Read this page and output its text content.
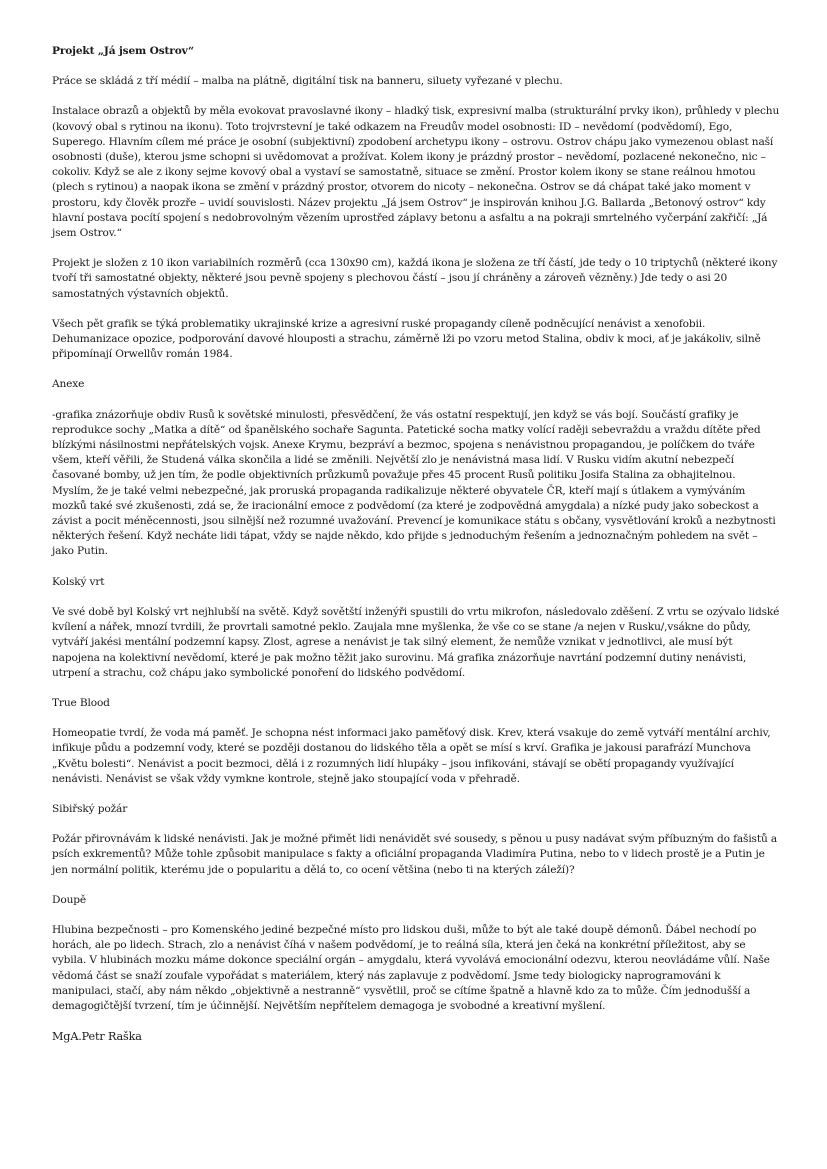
Projekt „Já jsem Ostrov“

Práce se skládá z tří médií – malba na plátně, digitální tisk na banneru, siluety vyřezané v plechu.

Instalace obrazů a objektů by měla evokovat pravoslavné ikony – hladký tisk, expresivní malba (strukturální prvky ikon), průhledy v plechu (kovový obal s rytinou na ikonu). Toto trojvrstevní je také odkazem na Freudův model osobnosti: ID – nevědomí (podvědomí), Ego, Superego. Hlavním cílem mé práce je osobní (subjektivní) zpodobení archetypu ikony – ostrovu. Ostrov chápu jako vymezenou oblast naší osobnosti (duše), kterou jsme schopni si uvědomovat a prožívat. Kolem ikony je prázdný prostor – nevědomí, pozlacené nekonečno, nic – cokoliv. Když se ale z ikony sejme kovový obal a vystaví se samostatně, situace se změní. Prostor kolem ikony se stane reálnou hmotou (plech s rytinou) a naopak ikona se změní v prázdný prostor, otvorem do nicoty – nekonečna. Ostrov se dá chápat také jako moment v prostoru, kdy člověk prozře – uvidí souvislosti. Název projektu „Já jsem Ostrov“ je inspirován knihou J.G. Ballarda „Betonový ostrov“ kdy hlavní postava pocítí spojení s nedobrovolným vězením uprostřed záplavy betonu a asfaltu a na pokraji smrtelného vyčerpání zakřičí: „Já jsem Ostrov.“

Projekt je složen z 10 ikon variabilních rozměrů (cca 130x90 cm), každá ikona je složena ze tří částí, jde tedy o 10 triptychů (některé ikony tvoří tři samostatné objekty, některé jsou pevně spojeny s plechovou částí – jsou jí chráněny a zároveň vězněny.) Jde tedy o asi 20 samostatných výstavních objektů.

Všech pět grafik se týká problematiky ukrajinské krize a agresivní ruské propagandy cíleně podněcující nenávist a xenofobii. Dehumanizace opozice, podporování davové hlouposti a strachu, záměrně lži po vzoru metod Stalina, obdiv k moci, ať je jakákoliv, silně připomínají Orwellův román 1984.

Anexe

-grafika znázorňuje obdiv Rusů k sovětské minulosti, přesvědčení, že vás ostatní respektují, jen když se vás bojí. Součástí grafiky je reprodukce sochy „Matka a dítě“ od španělského sochaře Sagunta. Patetické socha matky volící raději sebevraždu a vraždu dítěte před blízkými násilnostmi nepřátelských vojsk. Anexe Krymu, bezpráví a bezmoc, spojena s nenávistnou propagandou, je políčkem do tváře všem, kteří věřili, že Studená válka skončila a lidé se změnili. Největší zlo je nenávistná masa lidí. V Rusku vidím akutní nebezpečí časované bomby, už jen tím, že podle objektivních průzkumů považuje přes 45 procent Rusů politiku Josifa Stalina za obhajitelnou. Myslím, že je také velmi nebezpečné, jak proruská propaganda radikalizuje některé obyvatele ČR, kteří mají s útlakem a vymýváním mozků také své zkušenosti, zdá se, že iracionální emoce z podvědomí (za které je zodpovědná amygdala) a nízké pudy jako sobeckost a závist a pocit méněcennosti, jsou silnější než rozumné uvažování. Prevencí je komunikace státu s občany, vysvětlování kroků a nezbytnosti některých řešení. Když necháte lidi tápat, vždy se najde někdo, kdo přijde s jednoduchým řešením a jednoznačným pohledem na svět – jako Putin.

Kolský vrt

Ve své době byl Kolský vrt nejhlubší na světě. Když sovětští inženýři spustili do vrtu mikrofon, následovalo zděšení. Z vrtu se ozývalo lidské kvílení a nářek, mnozí tvrdili, že provrtali samotné peklo. Zaujala mne myšlenka, že vše co se stane /a nejen v Rusku/,vsákne do půdy, vytváří jakési mentální podzemní kapsy. Zlost, agrese a nenávist je tak silný element, že nemůže vznikat v jednotlivci, ale musí být napojena na kolektivní nevědomí, které je pak možno těžit jako surovinu. Má grafika znázorňuje navrtání podzemní dutiny nenávisti, utrpení a strachu, což chápu jako symbolické ponoření do lidského podvědomí.

True Blood

Homeopatie tvrdí, že voda má paměť. Je schopna nést informaci jako paměťový disk. Krev, která vsakuje do země vytváří mentální archiv, infikuje půdu a podzemní vody, které se později dostanou do lidského těla a opět se mísí s krví. Grafika je jakousi parafrází Munchova „Květu bolesti“. Nenávist a pocit bezmoci, dělá i z rozumných lidí hlupáky – jsou infikováni, stávají se obětí propagandy využívající nenávisti. Nenávist se však vždy vymkne kontrole, stejně jako stoupající voda v přehradě.

Sibiřský požár

Požár přirovnávám k lidské nenávisti. Jak je možné přimět lidi nenávidět své sousedy, s pěnou u pusy nadávat svým příbuzným do fašistů a psích exkrementů? Může tohle způsobit manipulace s fakty a oficiální propaganda Vladimíra Putina, nebo to v lidech prostě je a Putin je jen normální politik, kterému jde o popularitu a dělá to, co ocení většina (nebo ti na kterých záleží)?

Doupě

Hlubina bezpečnosti – pro Komenského jediné bezpečné místo pro lidskou duši, může to být ale také doupě démonů. Ďábel nechodí po horách, ale po lidech. Strach, zlo a nenávist číhá v našem podvědomí, je to reálná síla, která jen čeká na konkrétní příležitost, aby se vybila. V hlubinách mozku máme dokonce speciální orgán – amygdalu, která vyvolává emocionální odezvu, kterou neovládáme vůlí. Naše vědomá část se snaží zoufale vypořádat s materiálem, který nás zaplavuje z podvědomí. Jsme tedy biologicky naprogramováni k manipulaci, stačí, aby nám někdo „objektivně a nestranně“ vysvětlil, proč se cítíme špatně a hlavně kdo za to může. Čím jednodušší a demagogičtější tvrzení, tím je účinnější. Největším nepřítelem demagoga je svobodné a kreativní myšlení.

MgA.Petr Raška
